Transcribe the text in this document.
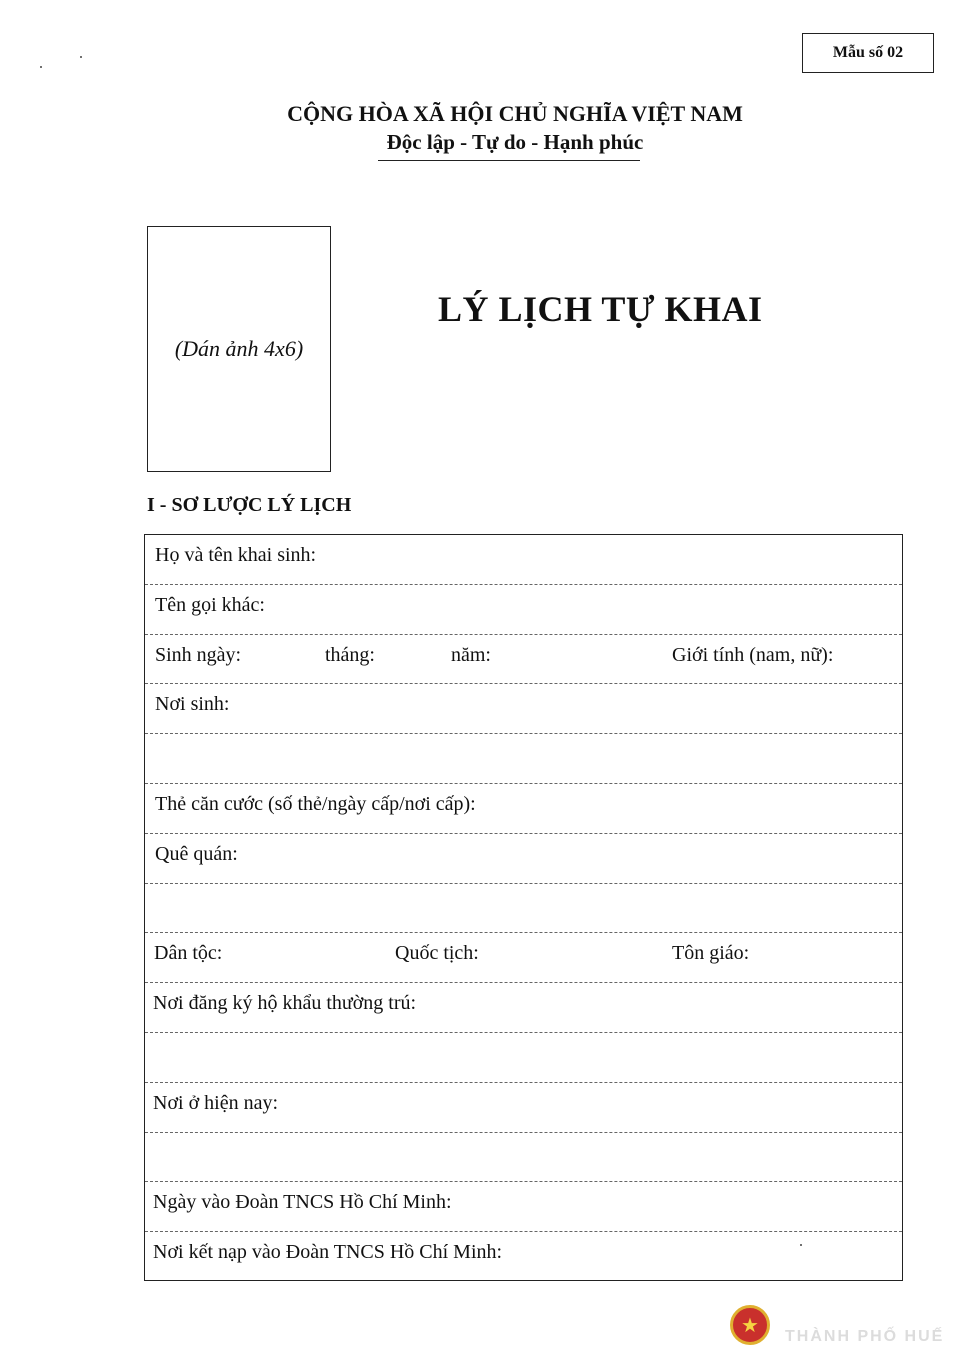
Mẫu số 02
CỘNG HÒA XÃ HỘI CHỦ NGHĨA VIỆT NAM
Độc lập - Tự do - Hạnh phúc
(Dán ảnh 4x6)
LÝ LỊCH TỰ KHAI
I - SƠ LƯỢC LÝ LỊCH
Họ và tên khai sinh:
Tên gọi khác:
Sinh ngày:	tháng:	năm:	Giới tính (nam, nữ):
Nơi sinh:
Thẻ căn cước (số thẻ/ngày cấp/nơi cấp):
Quê quán:
Dân tộc:	Quốc tịch:	Tôn giáo:
Nơi đăng ký hộ khẩu thường trú:
Nơi ở hiện nay:
Ngày vào Đoàn TNCS Hồ Chí Minh:
Nơi kết nạp vào Đoàn TNCS Hồ Chí Minh:
★	THÀNH PHỐ HUẾ
